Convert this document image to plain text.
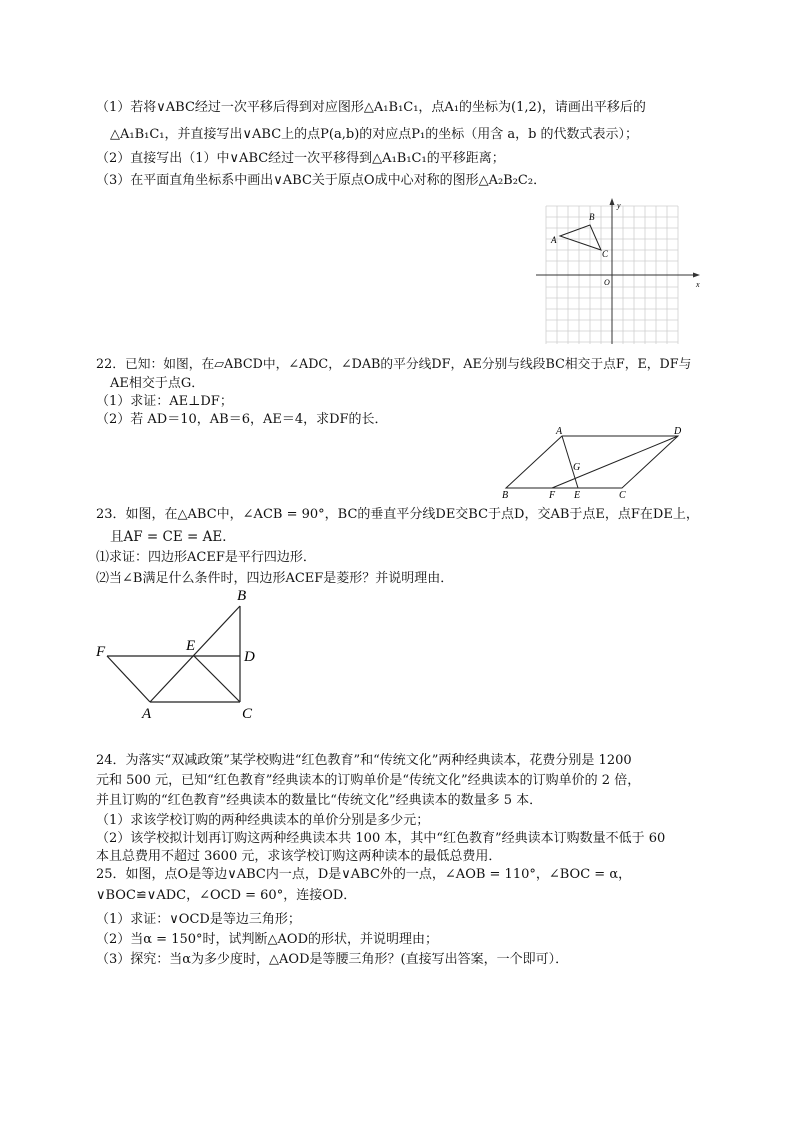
（1）若将∨ABC经过一次平移后得到对应图形△A₁B₁C₁，点A₁的坐标为(1,2)，请画出平移后的
△A₁B₁C₁，并直接写出∨ABC上的点P(a,b)的对应点P₁的坐标（用含 a，b 的代数式表示）；
（2）直接写出（1）中∨ABC经过一次平移得到△A₁B₁C₁的平移距离；
（3）在平面直角坐标系中画出∨ABC关于原点O成中心对称的图形△A₂B₂C₂．
x
y
O
A
B
C
22．已知：如图，在▱ABCD中，∠ADC，∠DAB的平分线DF，AE分别与线段BC相交于点F，E，DF与
AE相交于点G．
（1）求证：AE⊥DF；
（2）若 AD＝10，AB＝6，AE＝4，求DF的长．
A	D
G
B	F E	C
23．如图，在△ABC中，∠ACB = 90°，BC的垂直平分线DE交BC于点D，交AB于点E，点F在DE上，
且AF = CE = AE．
⑴求证：四边形ACEF是平行四边形．
⑵当∠B满足什么条件时，四边形ACEF是菱形？并说明理由．
B
F	E
D
A	C
24．为落实“双减政策”某学校购进“红色教育”和“传统文化”两种经典读本，花费分别是 1200
元和 500 元，已知“红色教育”经典读本的订购单价是“传统文化”经典读本的订购单价的 2 倍，
并且订购的“红色教育”经典读本的数量比“传统文化”经典读本的数量多 5 本．
（1）求该学校订购的两种经典读本的单价分别是多少元；
（2）该学校拟计划再订购这两种经典读本共 100 本，其中“红色教育”经典读本订购数量不低于 60
本且总费用不超过 3600 元，求该学校订购这两种读本的最低总费用．
25．如图，点O是等边∨ABC内一点，D是∨ABC外的一点，∠AOB = 110°，∠BOC = α，
∨BOC≌∨ADC，∠OCD = 60°，连接OD．
（1）求证：∨OCD是等边三角形；
（2）当α = 150°时，试判断△AOD的形状，并说明理由；
（3）探究：当α为多少度时，△AOD是等腰三角形？(直接写出答案，一个即可）．
